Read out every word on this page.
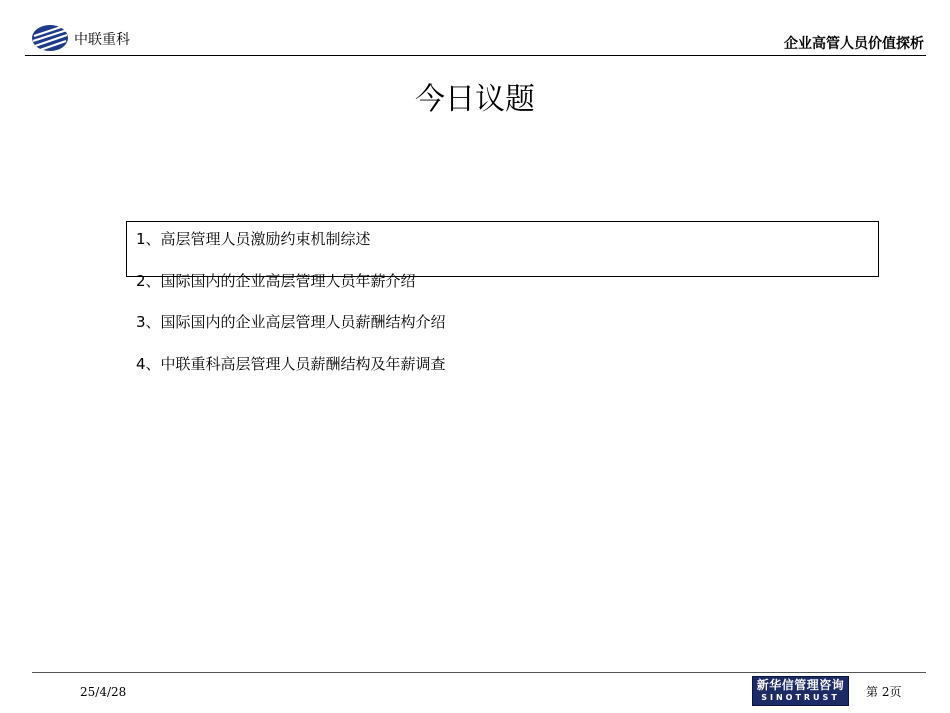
中联重科	企业高管人员价值探析
今日议题
1、高层管理人员激励约束机制综述
2、国际国内的企业高层管理人员年薪介绍
3、国际国内的企业高层管理人员薪酬结构介绍
4、中联重科高层管理人员薪酬结构及年薪调查
25/4/28	新华信管理咨询
SINOTRUST	第 2页
